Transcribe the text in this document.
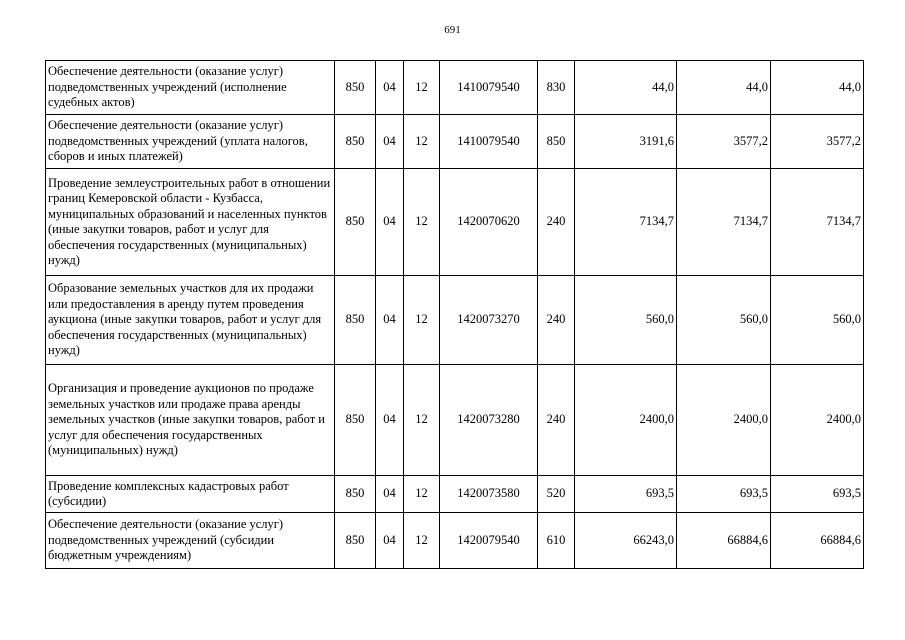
691
Обеспечение деятельности (оказание услуг) подведомственных учреждений (исполнение судебных актов)	850	04	12	1410079540	830	44,0	44,0	44,0
Обеспечение деятельности (оказание услуг) подведомственных учреждений (уплата налогов, сборов и иных платежей)	850	04	12	1410079540	850	3191,6	3577,2	3577,2
Проведение землеустроительных работ в отношении границ Кемеровской области - Кузбасса, муниципальных образований и населенных пунктов (иные закупки товаров, работ и услуг для обеспечения государственных (муниципальных) нужд)	850	04	12	1420070620	240	7134,7	7134,7	7134,7
Образование земельных участков для их продажи или предоставления в аренду путем проведения аукциона (иные закупки товаров, работ и услуг для обеспечения государственных (муниципальных) нужд)	850	04	12	1420073270	240	560,0	560,0	560,0
Организация и проведение аукционов по продаже земельных участков или продаже права аренды земельных участков (иные закупки товаров, работ и услуг для обеспечения государственных (муниципальных) нужд)	850	04	12	1420073280	240	2400,0	2400,0	2400,0
Проведение комплексных кадастровых работ (субсидии)	850	04	12	1420073580	520	693,5	693,5	693,5
Обеспечение деятельности (оказание услуг) подведомственных учреждений (субсидии бюджетным учреждениям)	850	04	12	1420079540	610	66243,0	66884,6	66884,6
